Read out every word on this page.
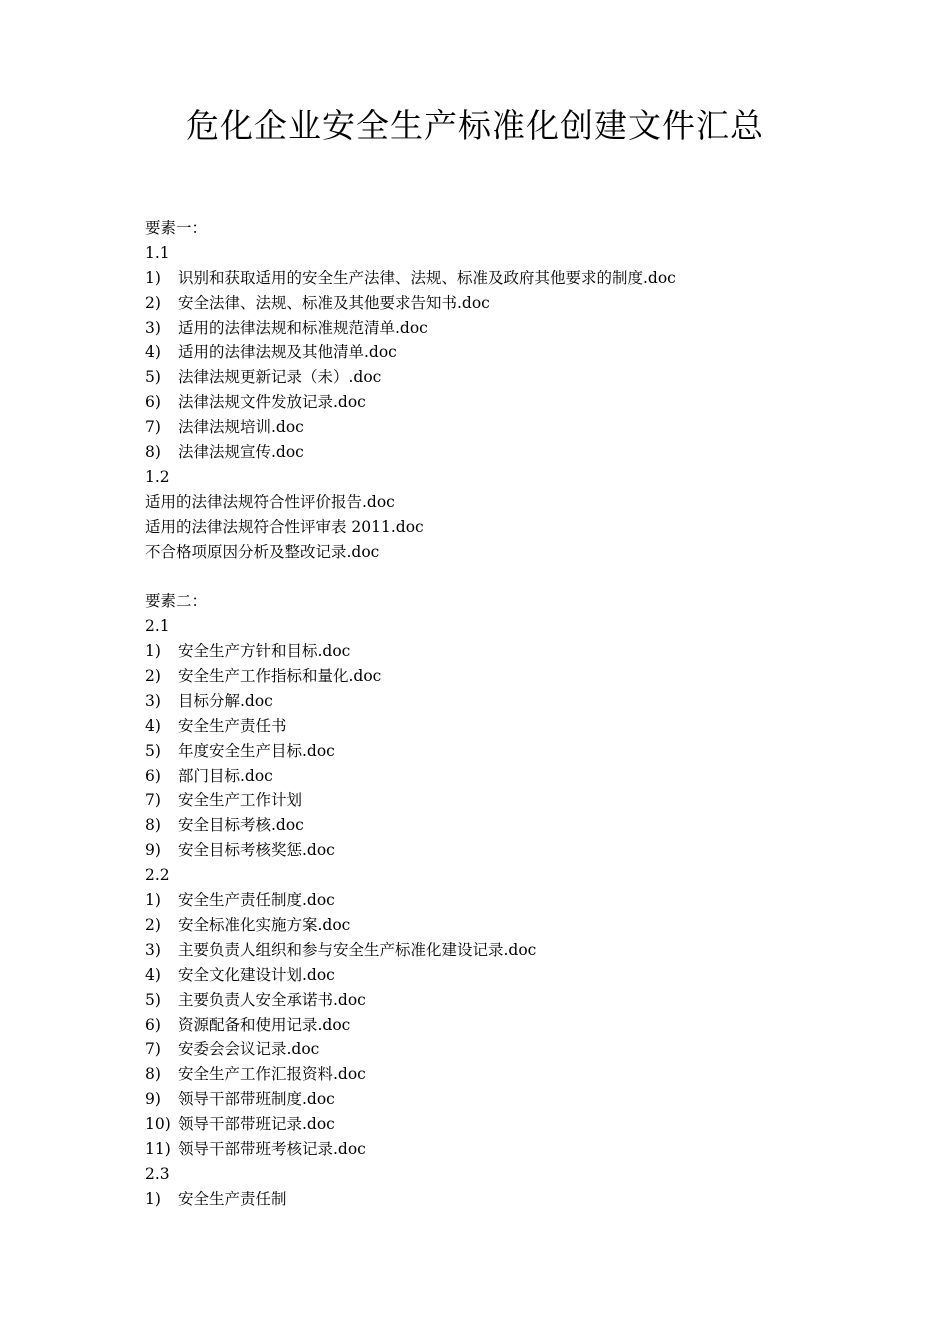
危化企业安全生产标准化创建文件汇总
要素一：
1.1
1) 识别和获取适用的安全生产法律、法规、标准及政府其他要求的制度.doc
2) 安全法律、法规、标准及其他要求告知书.doc
3) 适用的法律法规和标准规范清单.doc
4) 适用的法律法规及其他清单.doc
5) 法律法规更新记录（未）.doc
6) 法律法规文件发放记录.doc
7) 法律法规培训.doc
8) 法律法规宣传.doc
1.2
适用的法律法规符合性评价报告.doc
适用的法律法规符合性评审表 2011.doc
不合格项原因分析及整改记录.doc
要素二：
2.1
1) 安全生产方针和目标.doc
2) 安全生产工作指标和量化.doc
3) 目标分解.doc
4) 安全生产责任书
5) 年度安全生产目标.doc
6) 部门目标.doc
7) 安全生产工作计划
8) 安全目标考核.doc
9) 安全目标考核奖惩.doc
2.2
1) 安全生产责任制度.doc
2) 安全标准化实施方案.doc
3) 主要负责人组织和参与安全生产标准化建设记录.doc
4) 安全文化建设计划.doc
5) 主要负责人安全承诺书.doc
6) 资源配备和使用记录.doc
7) 安委会会议记录.doc
8) 安全生产工作汇报资料.doc
9) 领导干部带班制度.doc
10) 领导干部带班记录.doc
11) 领导干部带班考核记录.doc
2.3
1) 安全生产责任制
